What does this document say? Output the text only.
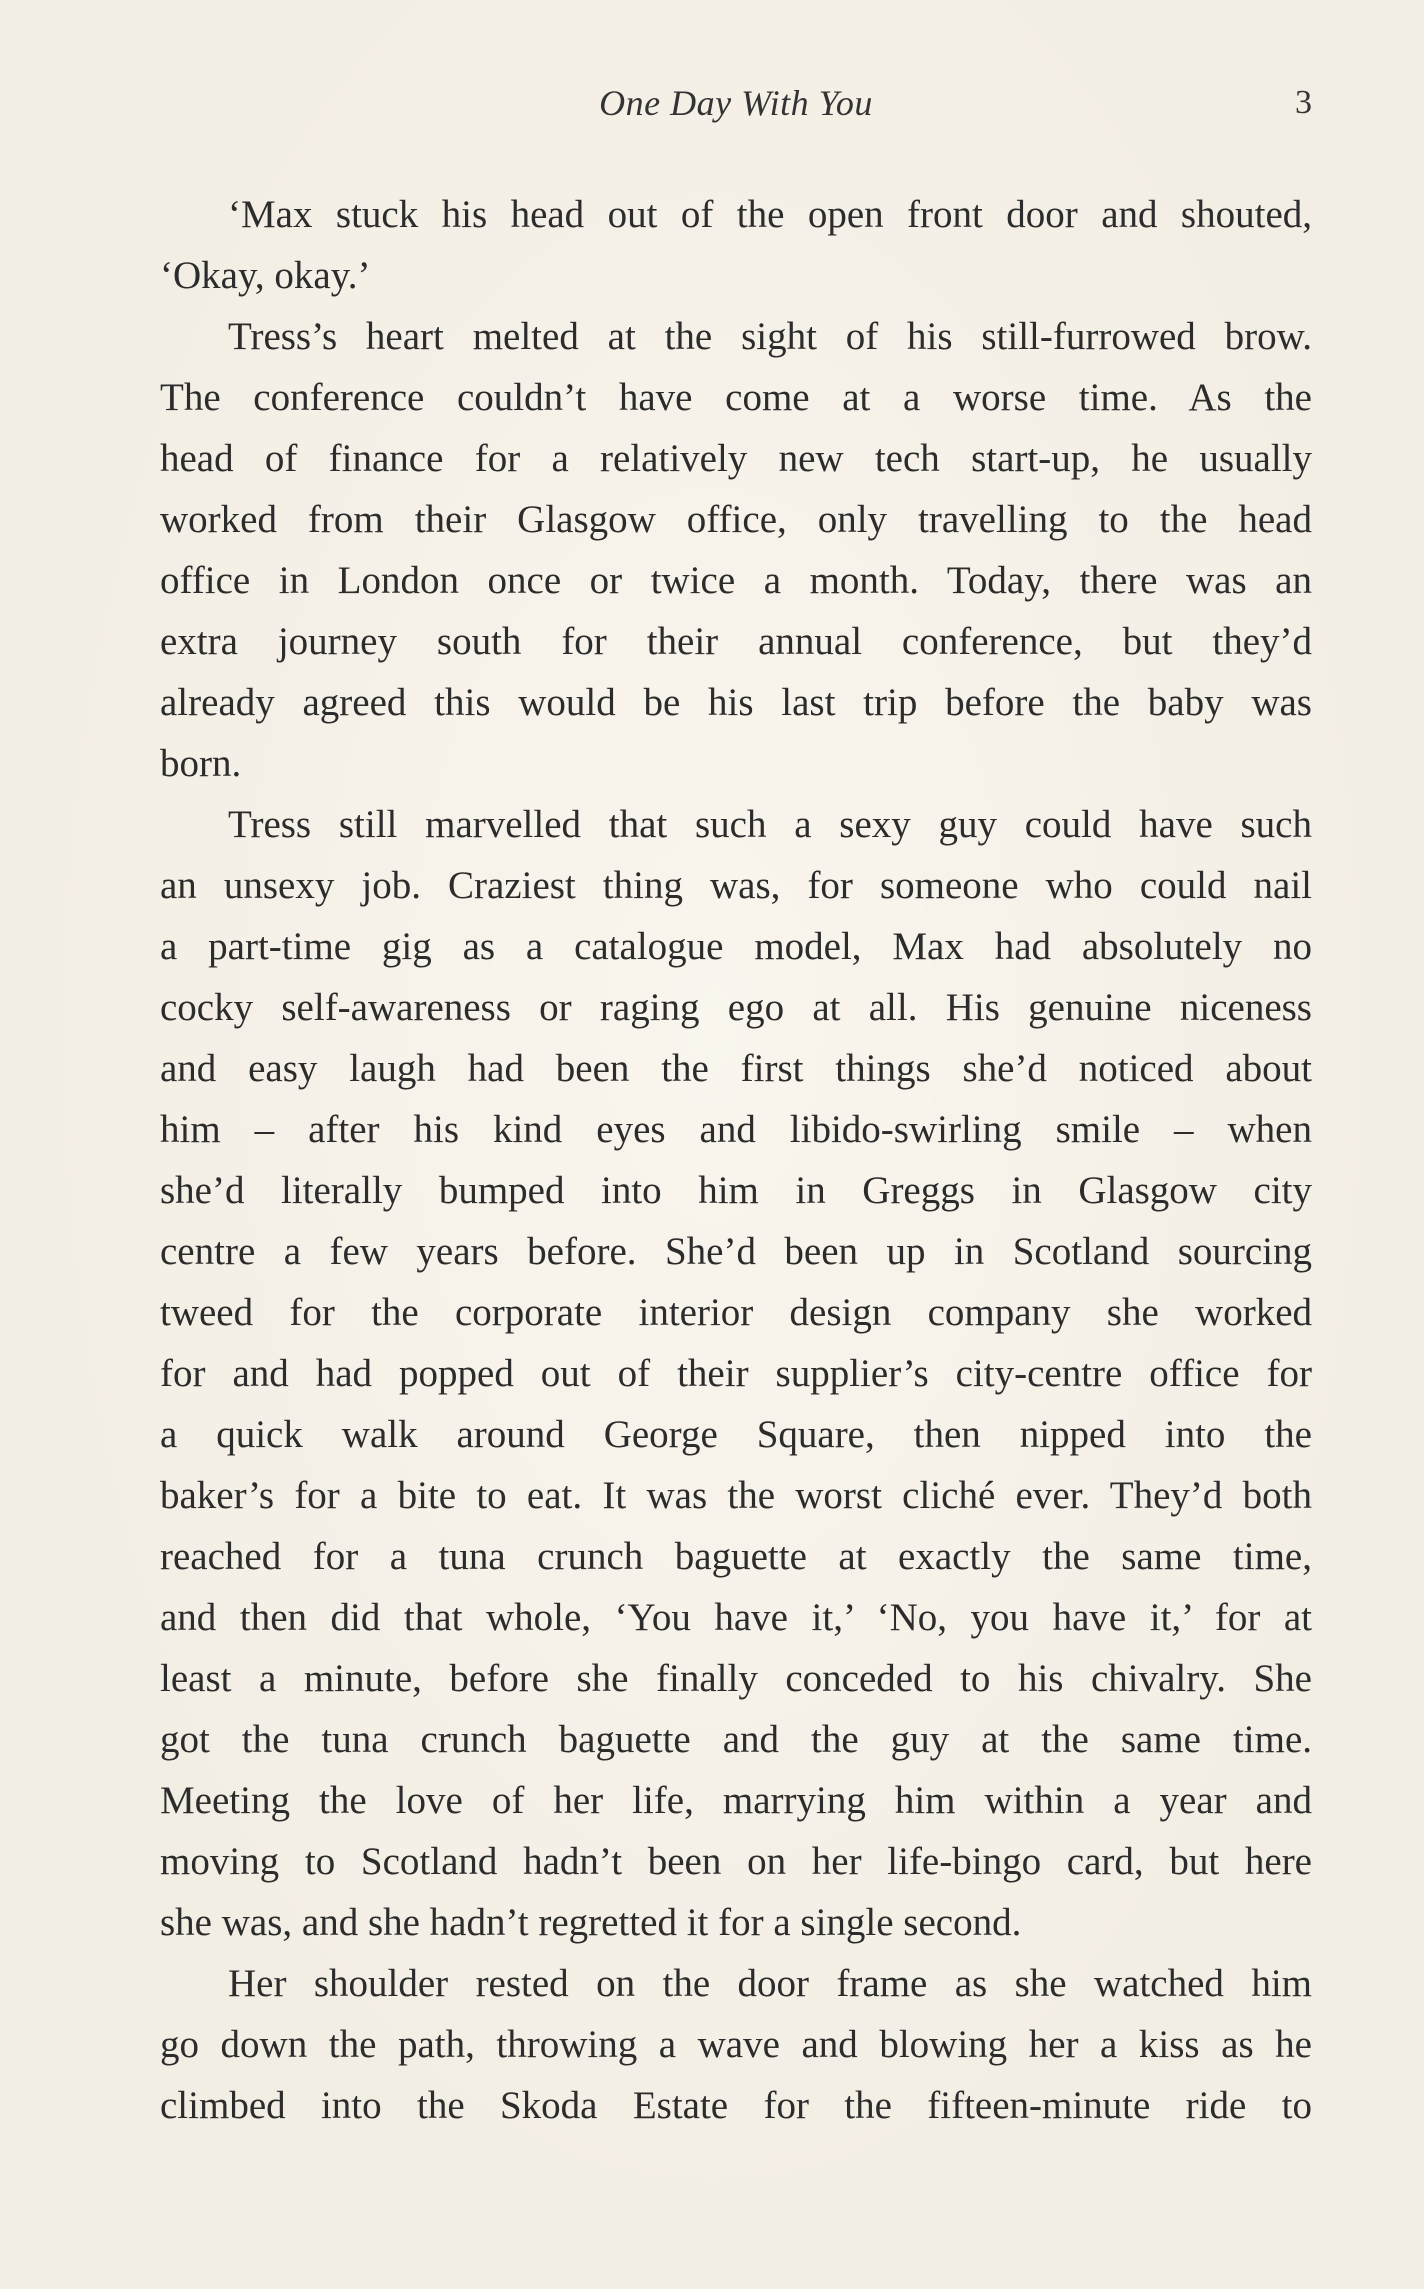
One Day With You	3
‘Max stuck his head out of the open front door and shouted,
‘Okay, okay.’
Tress’s heart melted at the sight of his still-furrowed brow.
The conference couldn’t have come at a worse time. As the
head of finance for a relatively new tech start-up, he usually
worked from their Glasgow office, only travelling to the head
office in London once or twice a month. Today, there was an
extra journey south for their annual conference, but they’d
already agreed this would be his last trip before the baby was
born.
Tress still marvelled that such a sexy guy could have such
an unsexy job. Craziest thing was, for someone who could nail
a part-time gig as a catalogue model, Max had absolutely no
cocky self-awareness or raging ego at all. His genuine niceness
and easy laugh had been the first things she’d noticed about
him – after his kind eyes and libido-swirling smile – when
she’d literally bumped into him in Greggs in Glasgow city
centre a few years before. She’d been up in Scotland sourcing
tweed for the corporate interior design company she worked
for and had popped out of their supplier’s city-centre office for
a quick walk around George Square, then nipped into the
baker’s for a bite to eat. It was the worst cliché ever. They’d both
reached for a tuna crunch baguette at exactly the same time,
and then did that whole, ‘You have it,’ ‘No, you have it,’ for at
least a minute, before she finally conceded to his chivalry. She
got the tuna crunch baguette and the guy at the same time.
Meeting the love of her life, marrying him within a year and
moving to Scotland hadn’t been on her life-bingo card, but here
she was, and she hadn’t regretted it for a single second.
Her shoulder rested on the door frame as she watched him
go down the path, throwing a wave and blowing her a kiss as he
climbed into the Skoda Estate for the fifteen-minute ride to
